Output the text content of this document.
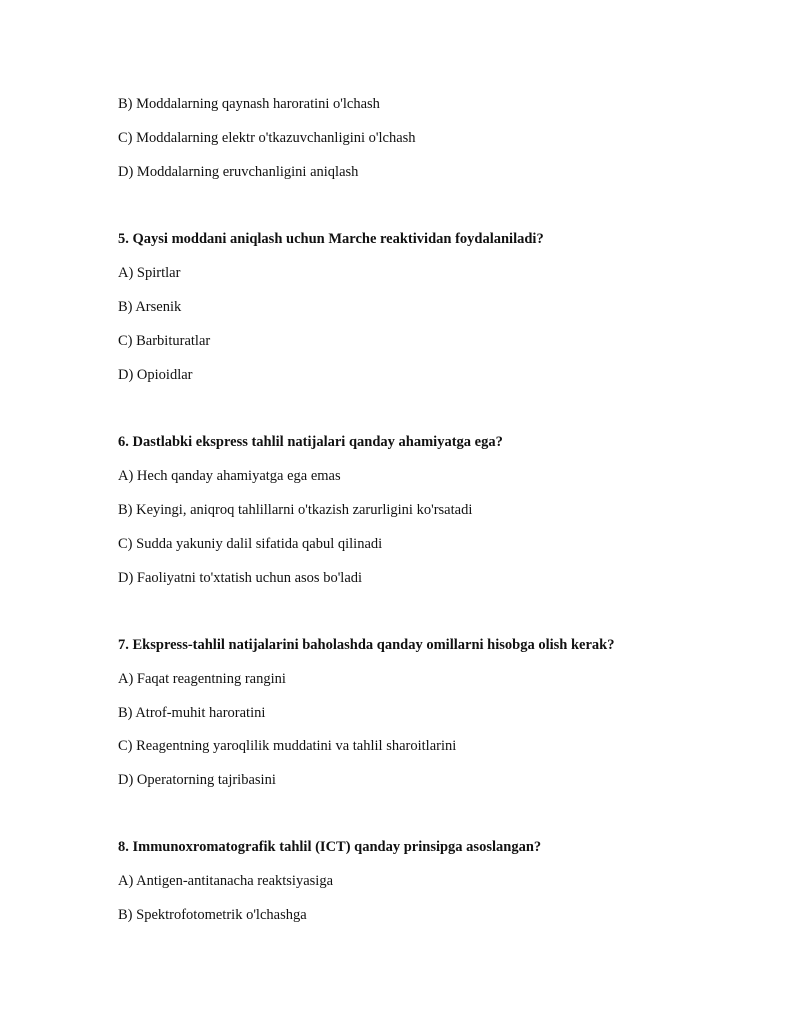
B) Moddalarning qaynash haroratini o'lchash
C) Moddalarning elektr o'tkazuvchanligini o'lchash
D) Moddalarning eruvchanligini aniqlash
5. Qaysi moddani aniqlash uchun Marche reaktividan foydalaniladi?
A) Spirtlar
B) Arsenik
C) Barbituratlar
D) Opioidlar
6. Dastlabki ekspress tahlil natijalari qanday ahamiyatga ega?
A) Hech qanday ahamiyatga ega emas
B) Keyingi, aniqroq tahlillarni o'tkazish zarurligini ko'rsatadi
C) Sudda yakuniy dalil sifatida qabul qilinadi
D) Faoliyatni to'xtatish uchun asos bo'ladi
7. Ekspress-tahlil natijalarini baholashda qanday omillarni hisobga olish kerak?
A) Faqat reagentning rangini
B) Atrof-muhit haroratini
C) Reagentning yaroqlilik muddatini va tahlil sharoitlarini
D) Operatorning tajribasini
8. Immunoxromatografik tahlil (ICT) qanday prinsipga asoslangan?
A) Antigen-antitanacha reaktsiyasiga
B) Spektrofotometrik o'lchashga
